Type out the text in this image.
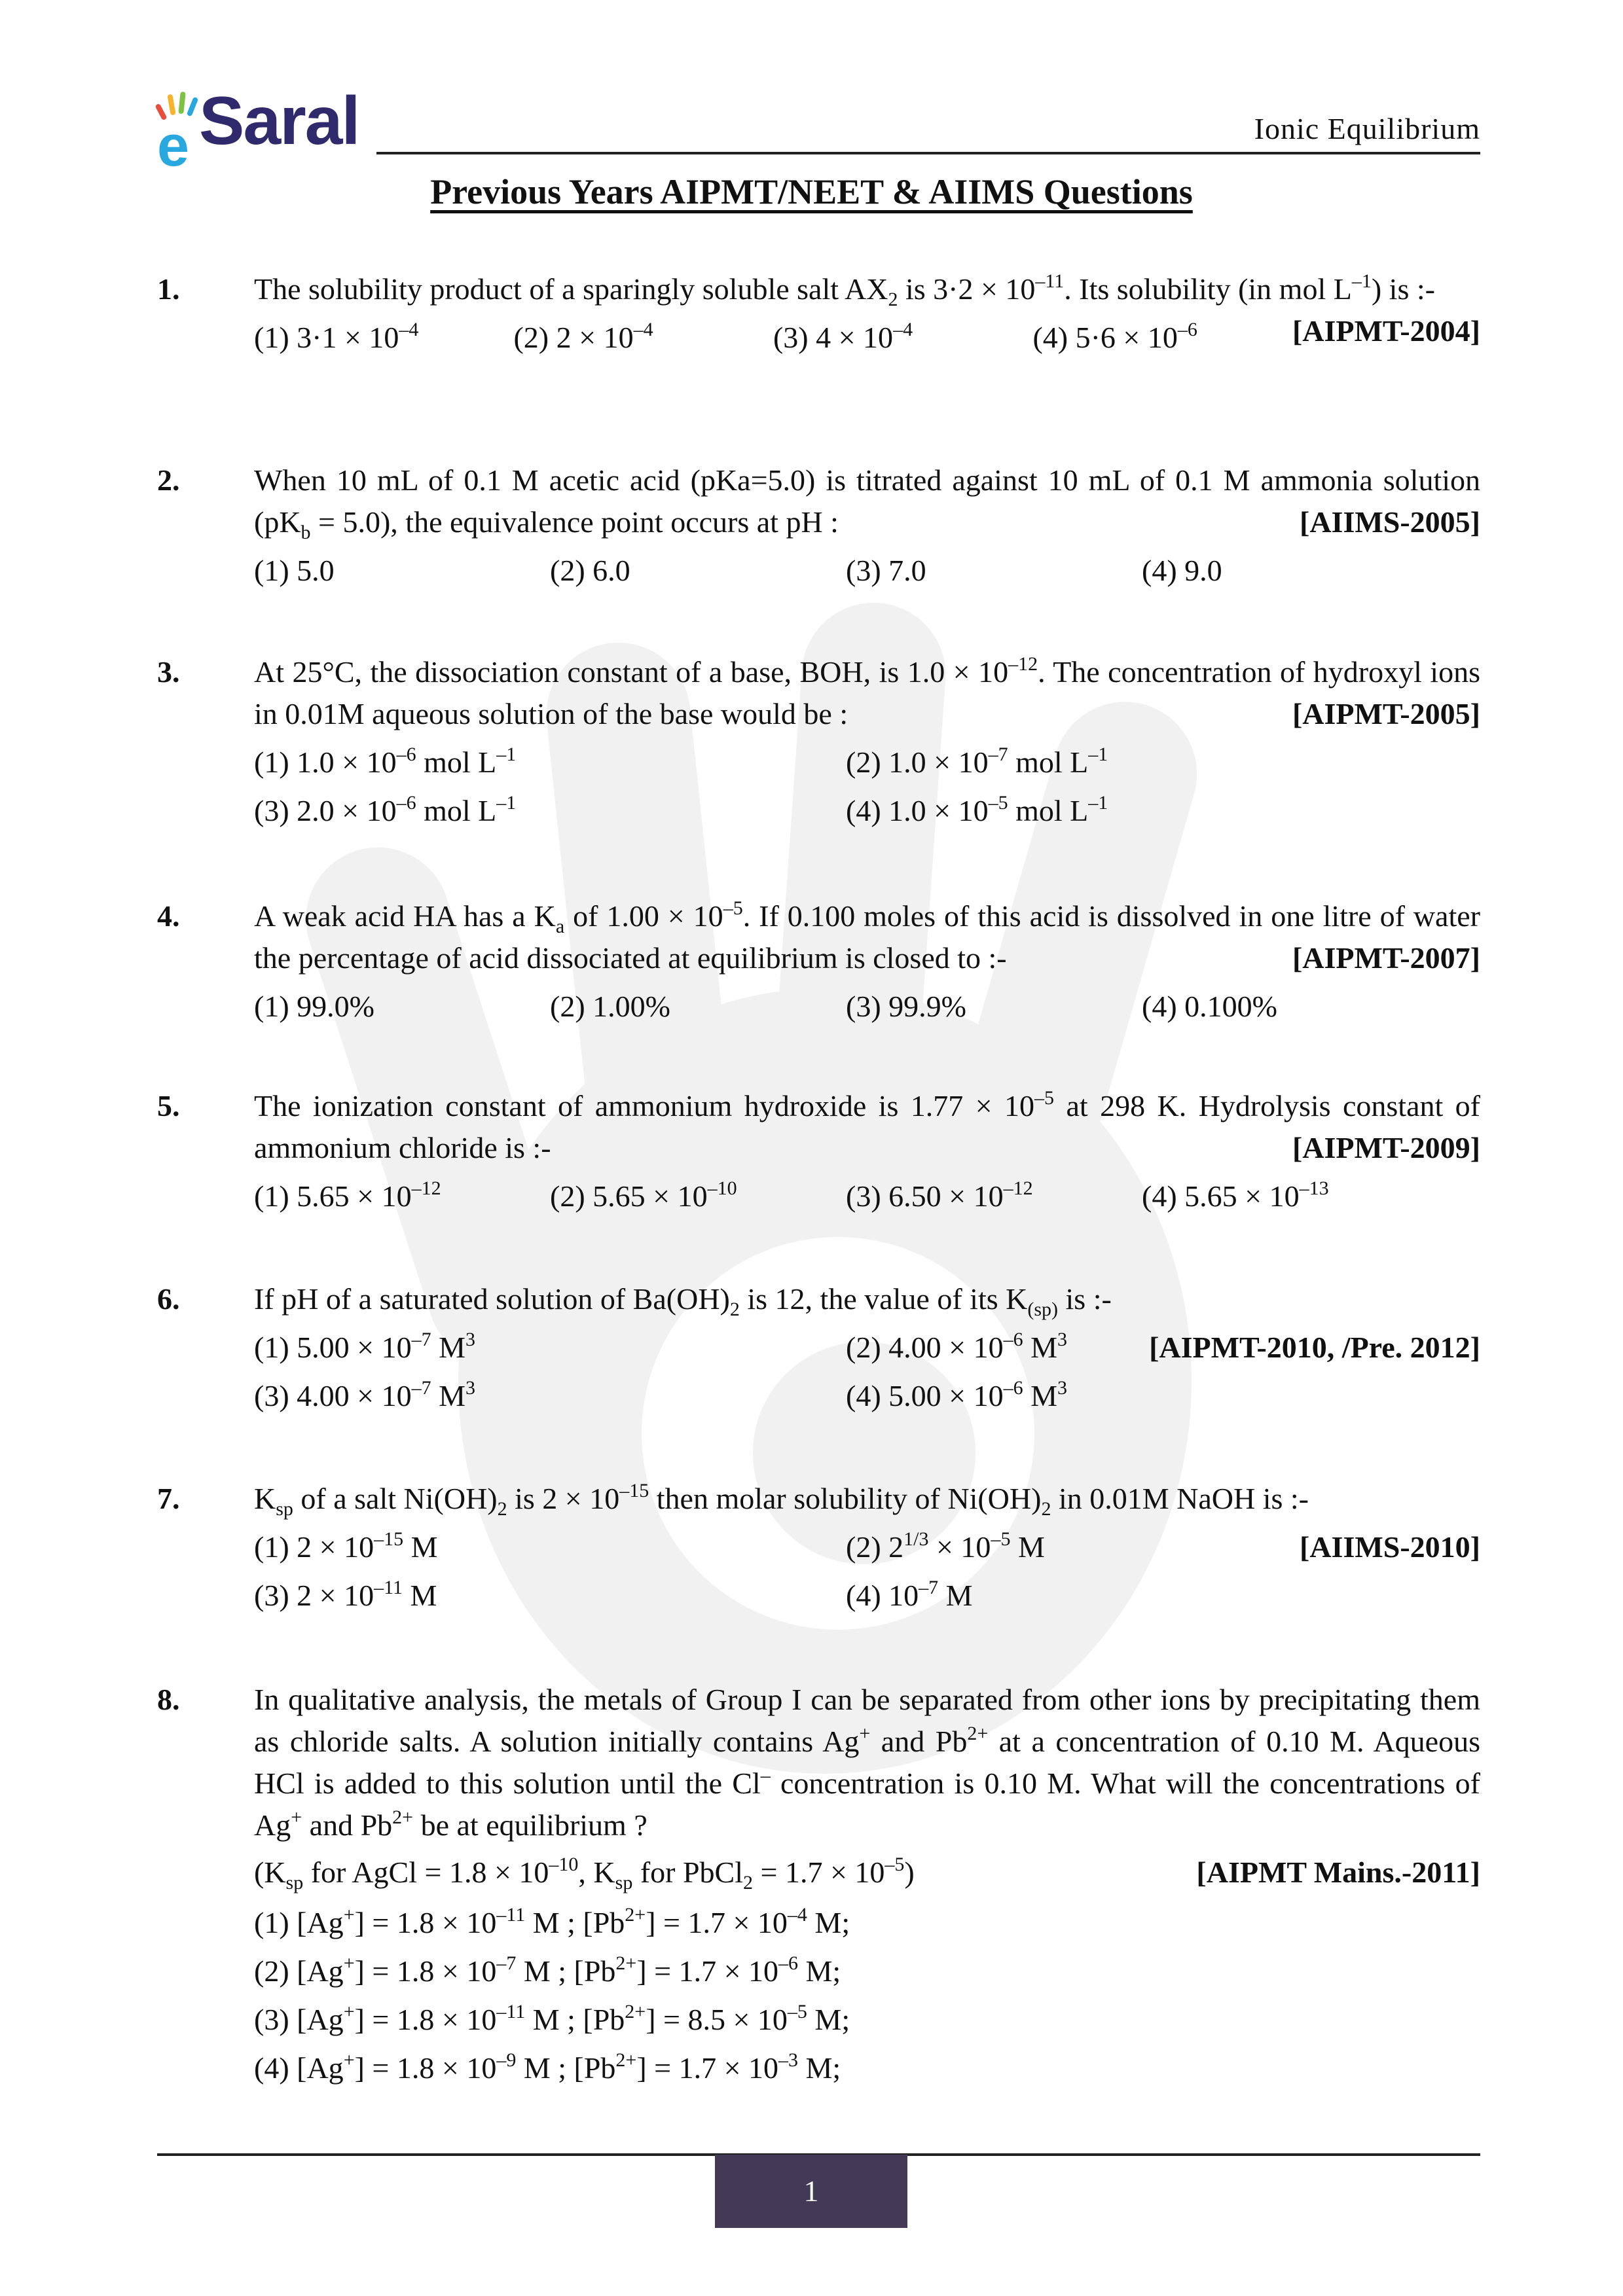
e Saral	Ionic Equilibrium
Previous Years AIPMT/NEET & AIIMS Questions
1. The solubility product of a sparingly soluble salt $AX_2$ is $3\cdot 2 \times 10^{-11}$. Its solubility (in mol $L^{-1}$) is :-
[AIPMT-2004]
(1) $3\cdot 1 \times 10^{-4}$	(2) $2 \times 10^{-4}$	(3) $4 \times 10^{-4}$	(4) $5\cdot 6 \times 10^{-6}$
2. When 10 mL of 0.1 M acetic acid (pKa=5.0) is titrated against 10 mL of 0.1 M ammonia solution $(pK_b = 5.0)$, the equivalence point occurs at pH :	[AIIMS-2005]
(1) 5.0	(2) 6.0	(3) 7.0	(4) 9.0
3. At 25°C, the dissociation constant of a base, BOH, is $1.0 \times 10^{-12}$. The concentration of hydroxyl ions in 0.01M aqueous solution of the base would be :	[AIPMT-2005]
(1) $1.0 \times 10^{-6}$ mol $L^{-1}$	(2) $1.0 \times 10^{-7}$ mol $L^{-1}$
(3) $2.0 \times 10^{-6}$ mol $L^{-1}$	(4) $1.0 \times 10^{-5}$ mol $L^{-1}$
4. A weak acid HA has a $K_a$ of $1.00 \times 10^{-5}$. If 0.100 moles of this acid is dissolved in one litre of water the percentage of acid dissociated at equilibrium is closed to :-	[AIPMT-2007]
(1) 99.0%	(2) 1.00%	(3) 99.9%	(4) 0.100%
5. The ionization constant of ammonium hydroxide is $1.77 \times 10^{-5}$ at 298 K. Hydrolysis constant of ammonium chloride is :-	[AIPMT-2009]
(1) $5.65 \times 10^{-12}$	(2) $5.65 \times 10^{-10}$	(3) $6.50 \times 10^{-12}$	(4) $5.65 \times 10^{-13}$
6. If pH of a saturated solution of $Ba(OH)_2$ is 12, the value of its $K_{(sp)}$ is :-
(1) $5.00 \times 10^{-7}$ $M^3$	(2) $4.00 \times 10^{-6}$ $M^3$	[AIPMT-2010, /Pre. 2012]
(3) $4.00 \times 10^{-7}$ $M^3$	(4) $5.00 \times 10^{-6}$ $M^3$
7. $K_{sp}$ of a salt $Ni(OH)_2$ is $2 \times 10^{-15}$ then molar solubility of $Ni(OH)_2$ in 0.01M NaOH is :-
(1) $2 \times 10^{-15}$ M	(2) $2^{1/3} \times 10^{-5}$ M	[AIIMS-2010]
(3) $2 \times 10^{-11}$ M	(4) $10^{-7}$ M
8. In qualitative analysis, the metals of Group I can be separated from other ions by precipitating them as chloride salts. A solution initially contains Ag+ and $Pb^{2+}$ at a concentration of 0.10 M. Aqueous HCl is added to this solution until the Cl– concentration is 0.10 M. What will the concentrations of Ag+ and $Pb^{2+}$ be at equilibrium ?
($K_{sp}$ for AgCl = $1.8 \times 10^{-10}$, $K_{sp}$ for PbCl$_2$ = $1.7 \times 10^{-5}$)	[AIPMT Mains.-2011]
(1) $[Ag^+] = 1.8 \times 10^{-11}$ M ; $[Pb^{2+}] = 1.7 \times 10^{-4}$ M;
(2) $[Ag^+] = 1.8 \times 10^{-7}$ M ; $[Pb^{2+}] = 1.7 \times 10^{-6}$ M;
(3) $[Ag^+] = 1.8 \times 10^{-11}$ M ; $[Pb^{2+}] = 8.5 \times 10^{-5}$ M;
(4) $[Ag^+] = 1.8 \times 10^{-9}$ M ; $[Pb^{2+}] = 1.7 \times 10^{-3}$ M;
1
